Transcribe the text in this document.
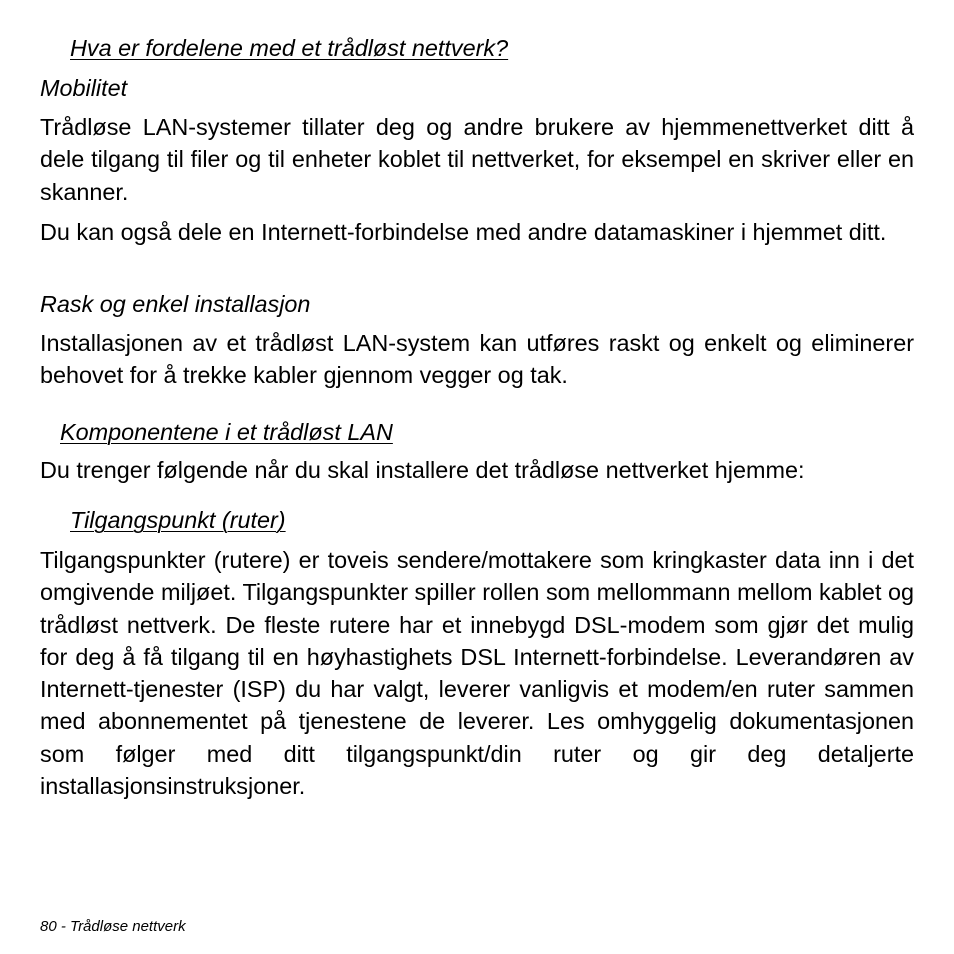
Hva er fordelene med et trådløst nettverk?
Mobilitet

Trådløse LAN-systemer tillater deg og andre brukere av hjemmenettverket ditt å dele tilgang til filer og til enheter koblet til nettverket, for eksempel en skriver eller en skanner.

Du kan også dele en Internett-forbindelse med andre datamaskiner i hjemmet ditt.

Rask og enkel installasjon

Installasjonen av et trådløst LAN-system kan utføres raskt og enkelt og eliminerer behovet for å trekke kabler gjennom vegger og tak.

Komponentene i et trådløst LAN

Du trenger følgende når du skal installere det trådløse nettverket hjemme:

Tilgangspunkt (ruter)

Tilgangspunkter (rutere) er toveis sendere/mottakere som kringkaster data inn i det omgivende miljøet. Tilgangspunkter spiller rollen som mellommann mellom kablet og trådløst nettverk. De fleste rutere har et innebygd DSL-modem som gjør det mulig for deg å få tilgang til en høyhastighets DSL Internett-forbindelse. Leverandøren av Internett-tjenester (ISP) du har valgt, leverer vanligvis et modem/en ruter sammen med abonnementet på tjenestene de leverer. Les omhyggelig dokumentasjonen som følger med ditt tilgangspunkt/din ruter og gir deg detaljerte installasjonsinstruksjoner.

80 - Trådløse nettverk
